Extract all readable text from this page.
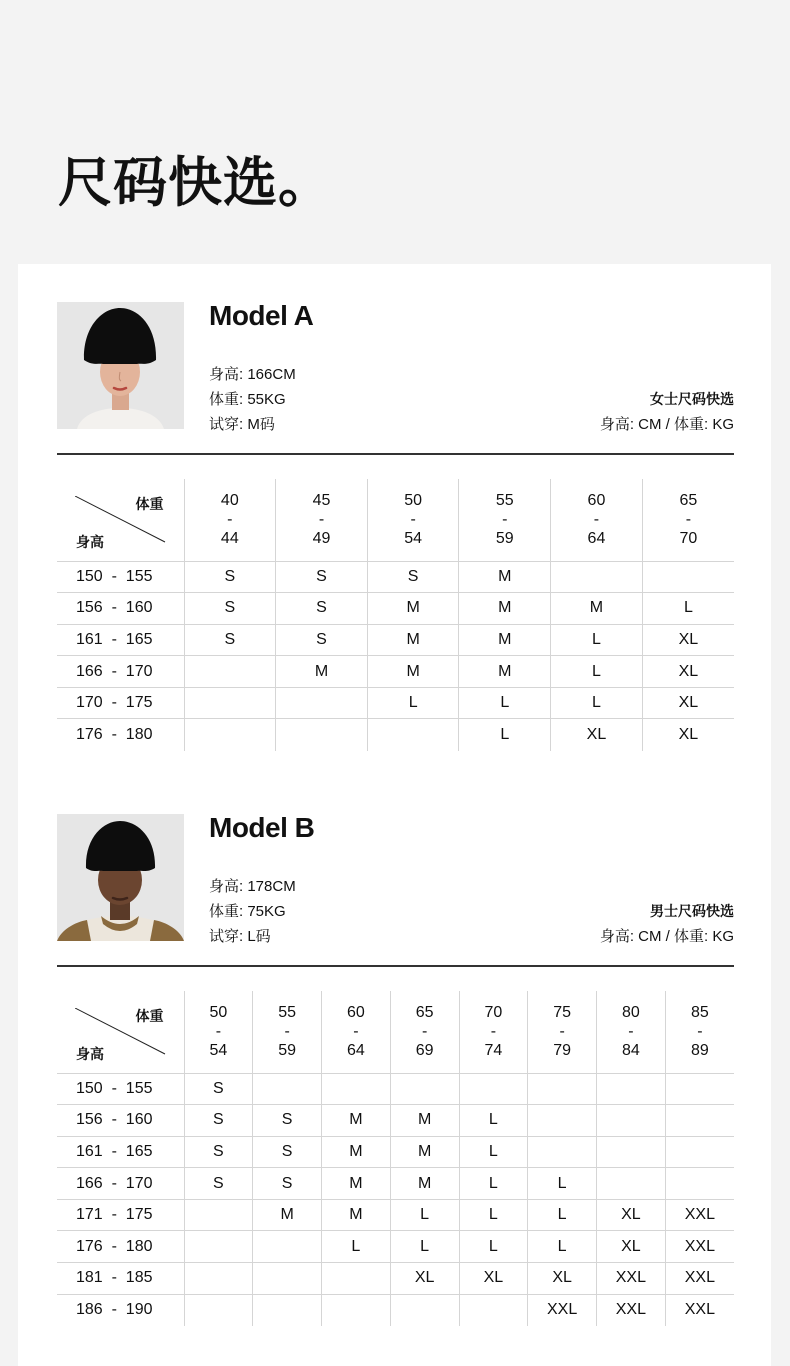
尺码快选。
Model A
身高: 166CM
体重: 55KG
试穿: M码
女士尺码快选
身高: CM / 体重: KG
体重
身高	40
-
44	45
-
49	50
-
54	55
-
59	60
-
64	65
-
70

150  -  155	S	S	S	M		
156  -  160	S	S	M	M	M	L
161  -  165	S	S	M	M	L	XL
166  -  170		M	M	M	L	XL
170  -  175			L	L	L	XL
176  -  180				L	XL	XL
Model B
身高: 178CM
体重: 75KG
试穿: L码
男士尺码快选
身高: CM / 体重: KG
体重
身高	50
-
54	55
-
59	60
-
64	65
-
69	70
-
74	75
-
79	80
-
84	85
-
89

150  -  155	S							
156  -  160	S	S	M	M	L			
161  -  165	S	S	M	M	L			
166  -  170	S	S	M	M	L	L		
171  -  175		M	M	L	L	L	XL	XXL
176  -  180			L	L	L	L	XL	XXL
181  -  185				XL	XL	XL	XXL	XXL
186  -  190						XXL	XXL	XXL
